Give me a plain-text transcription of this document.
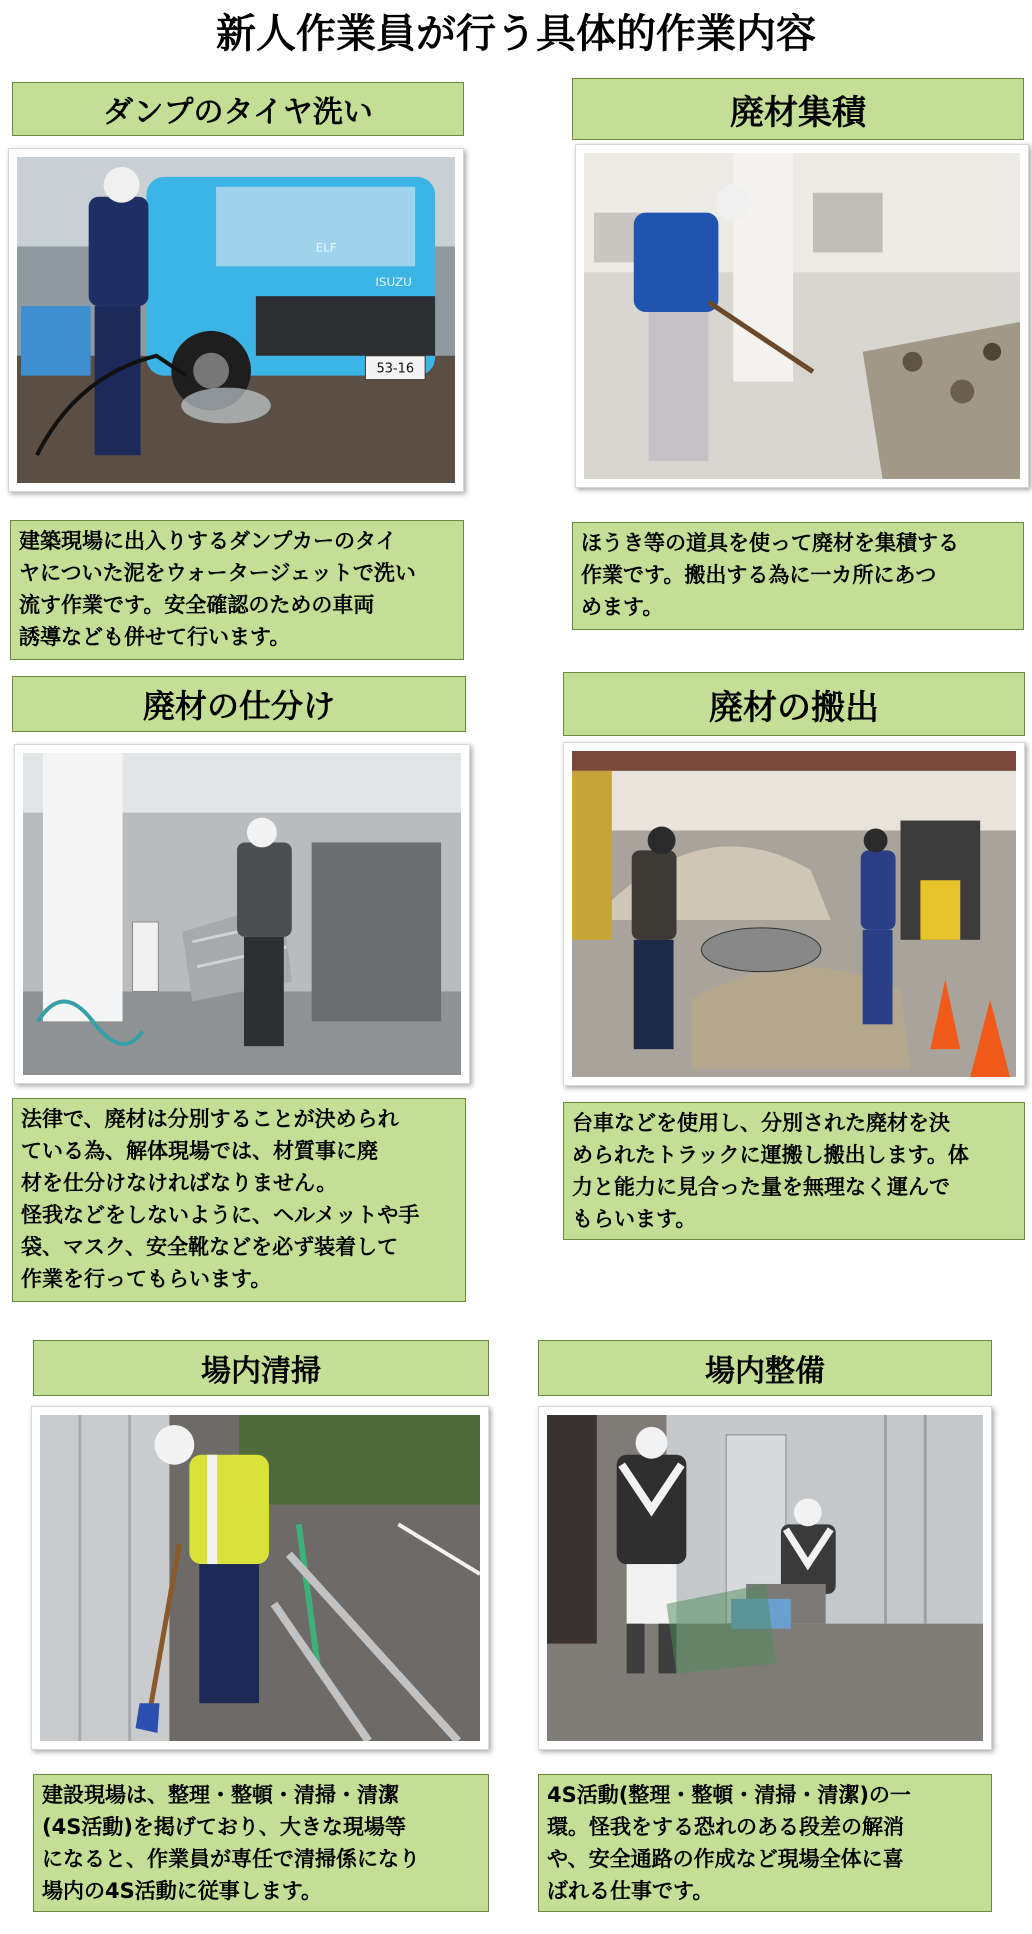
新人作業員が行う具体的作業内容
ダンプのタイヤ洗い
53-16
ISUZU
ELF
建築現場に出入りするダンプカーのタイ
ヤについた泥をウォータージェットで洗い
流す作業です。安全確認のための車両
誘導なども併せて行います。
廃材集積
ほうき等の道具を使って廃材を集積する
作業です。搬出する為に一カ所にあつ
めます。
廃材の仕分け
法律で、廃材は分別することが決められ
ている為、解体現場では、材質事に廃
材を仕分けなければなりません。
怪我などをしないように、ヘルメットや手
袋、マスク、安全靴などを必ず装着して
作業を行ってもらいます。
廃材の搬出
台車などを使用し、分別された廃材を決
められたトラックに運搬し搬出します。体
力と能力に見合った量を無理なく運んで
もらいます。
場内清掃
建設現場は、整理・整頓・清掃・清潔
(4S活動)を掲げており、大きな現場等
になると、作業員が専任で清掃係になり
場内の4S活動に従事します。
場内整備
4S活動(整理・整頓・清掃・清潔)の一
環。怪我をする恐れのある段差の解消
や、安全通路の作成など現場全体に喜
ばれる仕事です。
